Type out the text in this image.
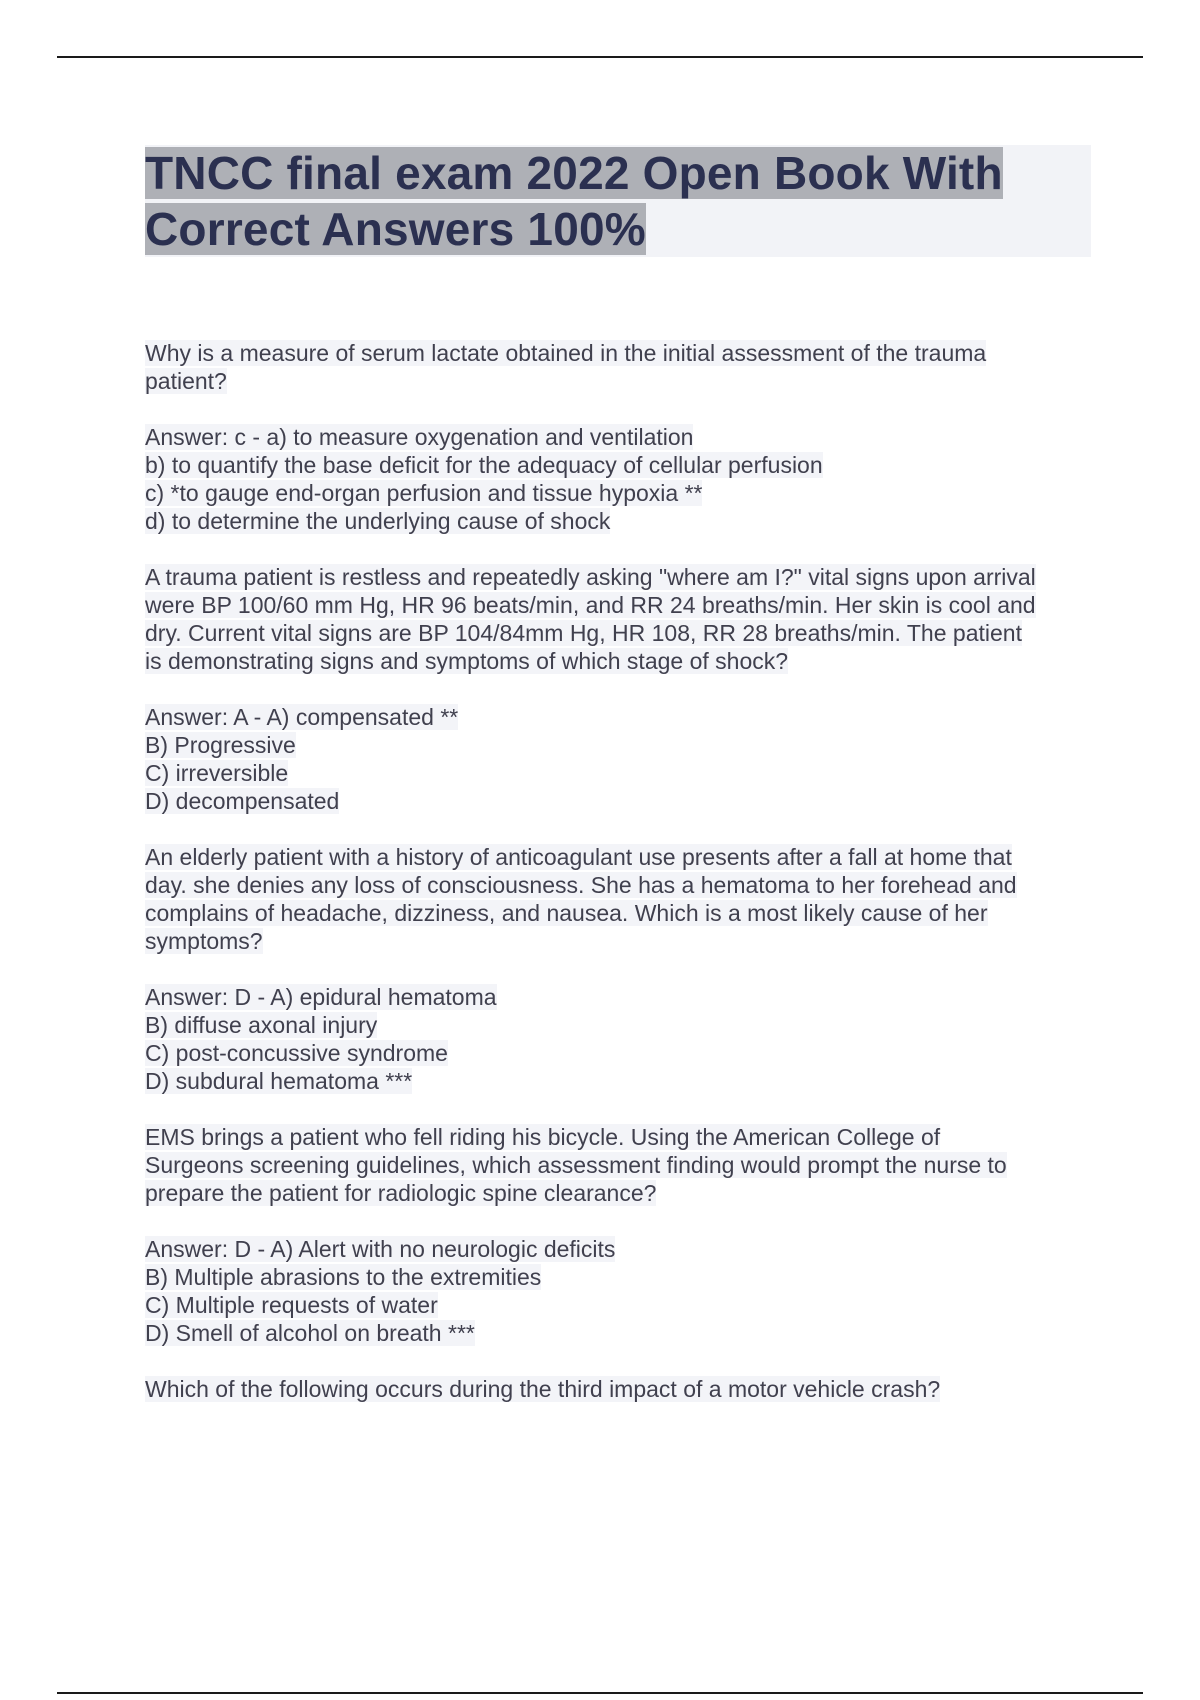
TNCC final exam 2022 Open Book With
Correct Answers 100%
Why is a measure of serum lactate obtained in the initial assessment of the trauma
patient?
Answer: c - a) to measure oxygenation and ventilation
b) to quantify the base deficit for the adequacy of cellular perfusion
c) *to gauge end-organ perfusion and tissue hypoxia **
d) to determine the underlying cause of shock
A trauma patient is restless and repeatedly asking "where am I?" vital signs upon arrival
were BP 100/60 mm Hg, HR 96 beats/min, and RR 24 breaths/min. Her skin is cool and
dry. Current vital signs are BP 104/84mm Hg, HR 108, RR 28 breaths/min. The patient
is demonstrating signs and symptoms of which stage of shock?
Answer: A - A) compensated **
B) Progressive
C) irreversible
D) decompensated
An elderly patient with a history of anticoagulant use presents after a fall at home that
day. she denies any loss of consciousness. She has a hematoma to her forehead and
complains of headache, dizziness, and nausea. Which is a most likely cause of her
symptoms?
Answer: D - A) epidural hematoma
B) diffuse axonal injury
C) post-concussive syndrome
D) subdural hematoma ***
EMS brings a patient who fell riding his bicycle. Using the American College of
Surgeons screening guidelines, which assessment finding would prompt the nurse to
prepare the patient for radiologic spine clearance?
Answer: D - A) Alert with no neurologic deficits
B) Multiple abrasions to the extremities
C) Multiple requests of water
D) Smell of alcohol on breath ***
Which of the following occurs during the third impact of a motor vehicle crash?
